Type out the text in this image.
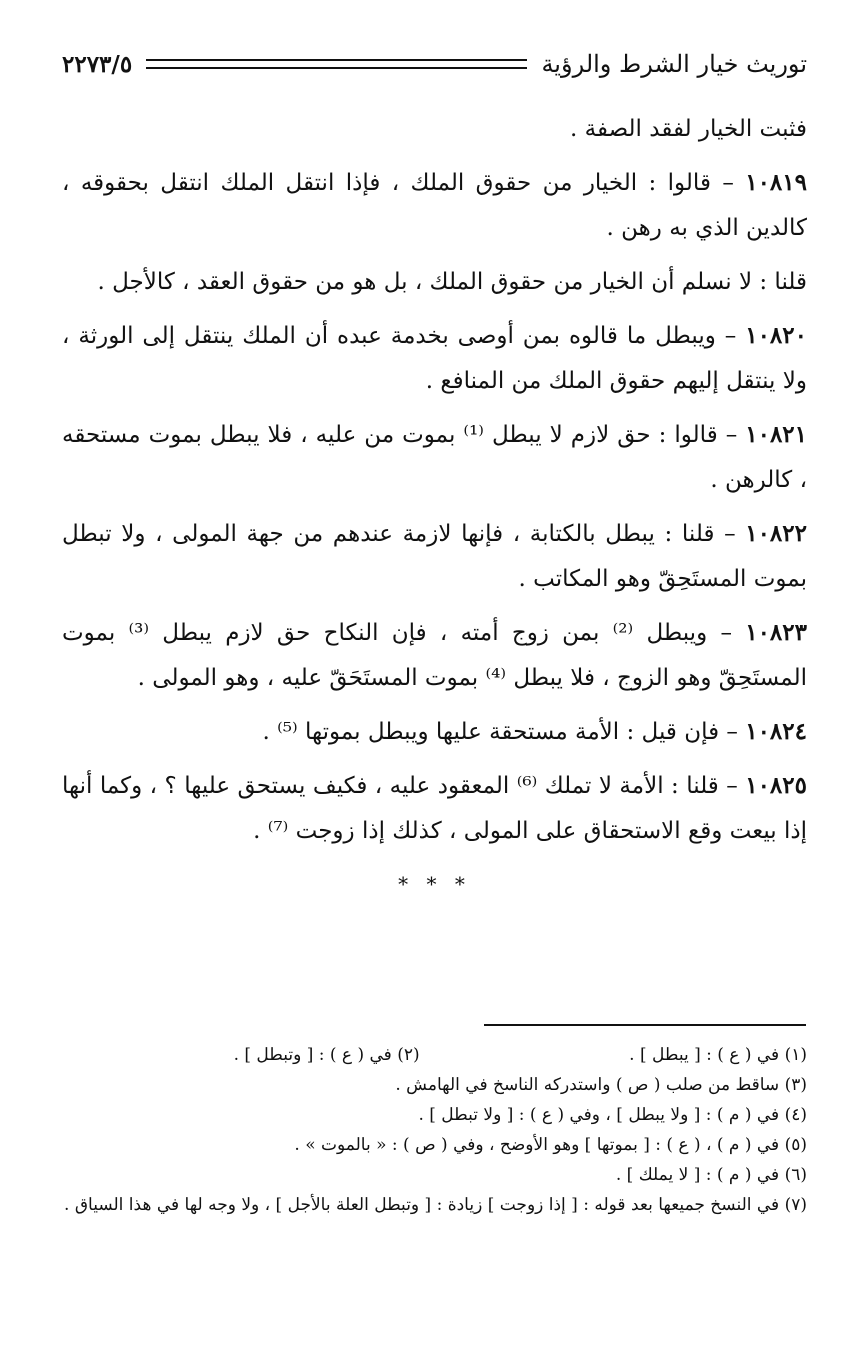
توريث خيار الشرط والرؤية
٢٢٧٣/٥

فثبت الخيار لفقد الصفة .

١٠٨١٩ – قالوا : الخيار من حقوق الملك ، فإذا انتقل الملك انتقل بحقوقه ، كالدين الذي به رهن .

قلنا : لا نسلم أن الخيار من حقوق الملك ، بل هو من حقوق العقد ، كالأجل .

١٠٨٢٠ – ويبطل ما قالوه بمن أوصى بخدمة عبده أن الملك ينتقل إلى الورثة ، ولا ينتقل إليهم حقوق الملك من المنافع .

١٠٨٢١ – قالوا : حق لازم لا يبطل ⁽¹⁾ بموت من عليه ، فلا يبطل بموت مستحقه ، كالرهن .

١٠٨٢٢ – قلنا : يبطل بالكتابة ، فإنها لازمة عندهم من جهة المولى ، ولا تبطل بموت المستَحِقّ وهو المكاتب .

١٠٨٢٣ – ويبطل ⁽²⁾ بمن زوج أمته ، فإن النكاح حق لازم يبطل ⁽³⁾ بموت المستَحِقّ وهو الزوج ، فلا يبطل ⁽⁴⁾ بموت المستَحَقّ عليه ، وهو المولى .

١٠٨٢٤ – فإن قيل : الأمة مستحقة عليها ويبطل بموتها ⁽⁵⁾ .

١٠٨٢٥ – قلنا : الأمة لا تملك ⁽⁶⁾ المعقود عليه ، فكيف يستحق عليها ؟ ، وكما أنها إذا بيعت وقع الاستحقاق على المولى ، كذلك إذا زوجت ⁽⁷⁾ .

* * *
(١) في ( ع ) : [ يبطل ] .
(٢) في ( ع ) : [ وتبطل ] .

(٣) ساقط من صلب ( ص ) واستدركه الناسخ في الهامش .

(٤) في ( م ) : [ ولا يبطل ] ، وفي ( ع ) : [ ولا تبطل ] .

(٥) في ( م ) ، ( ع ) : [ بموتها ] وهو الأوضح ، وفي ( ص ) : « بالموت » .

(٦) في ( م ) : [ لا يملك ] .

(٧) في النسخ جميعها بعد قوله : [ إذا زوجت ] زيادة : [ وتبطل العلة بالأجل ] ، ولا وجه لها في هذا السياق .
